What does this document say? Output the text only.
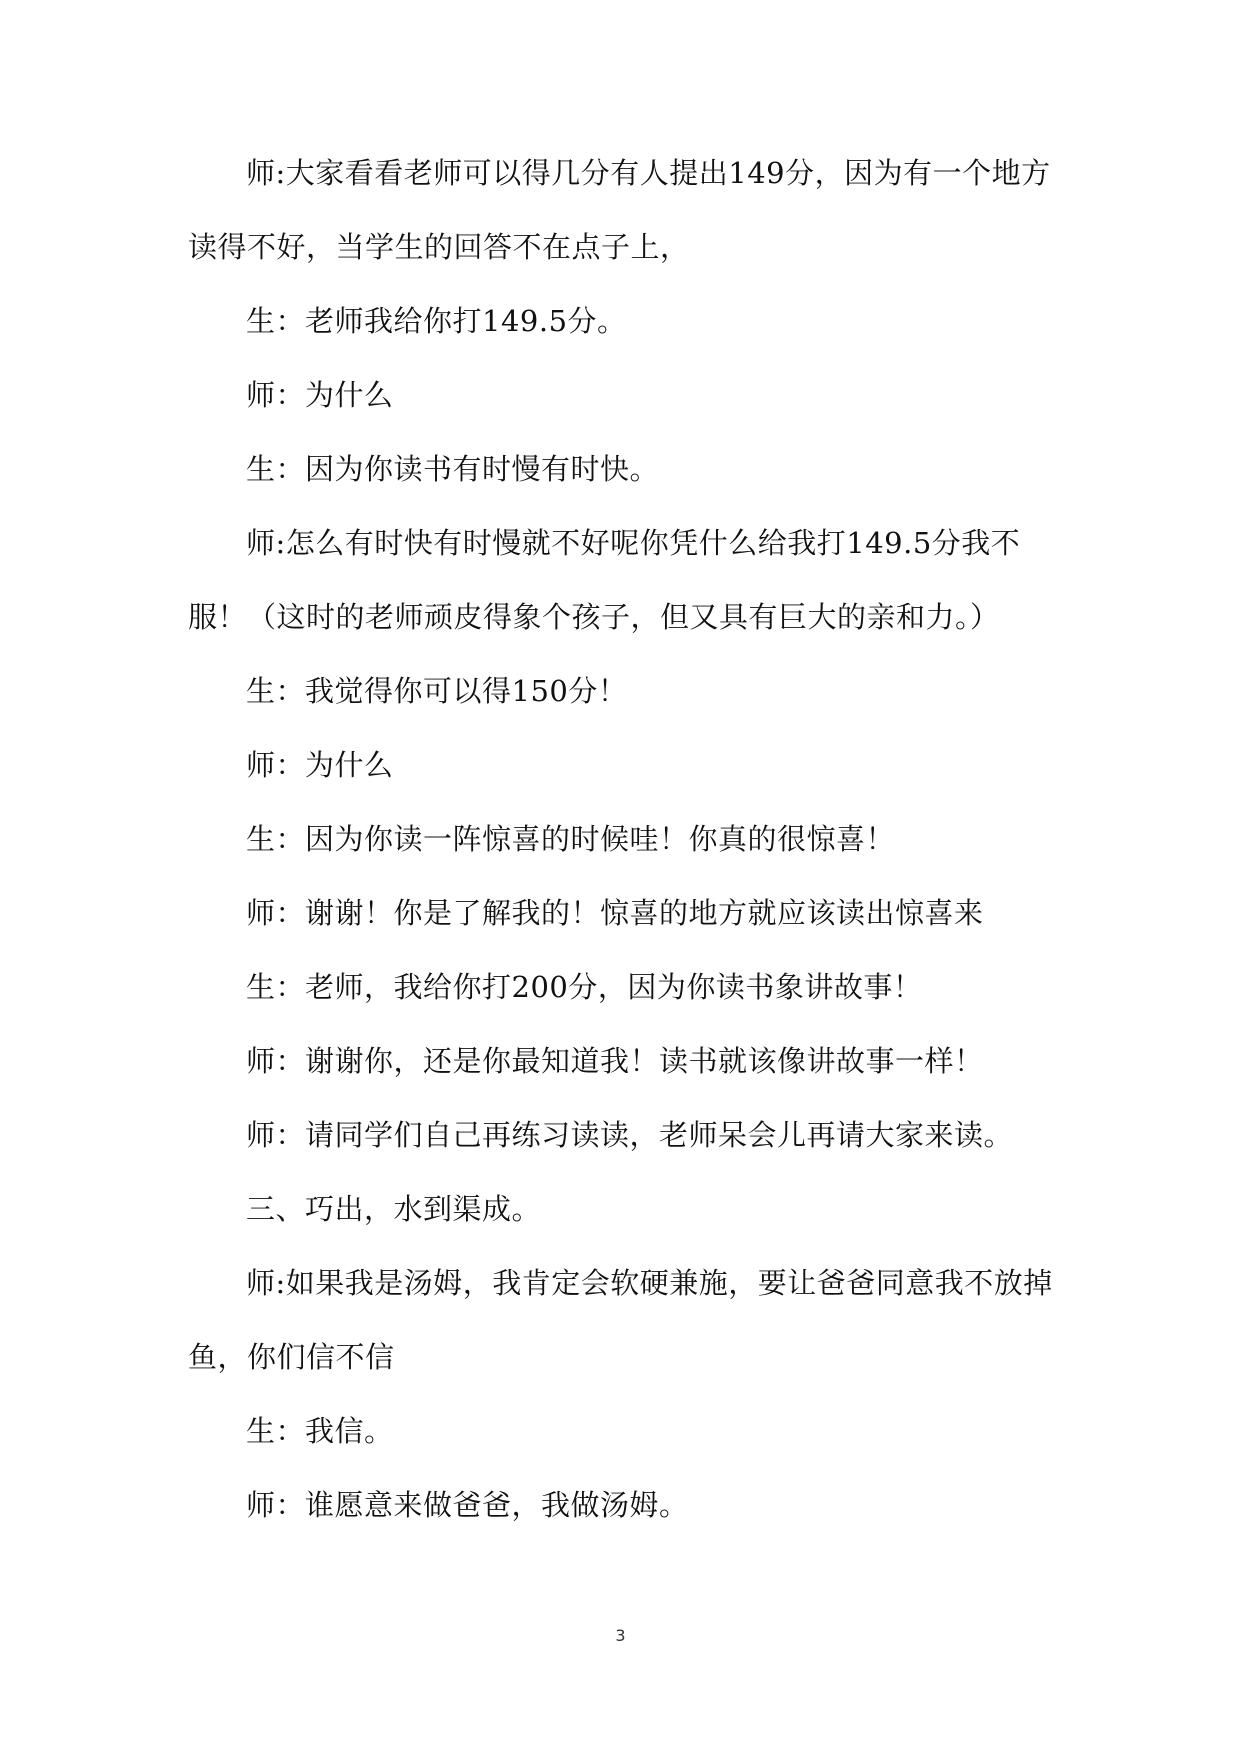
师:大家看看老师可以得几分有人提出149分，因为有一个地方读得不好，当学生的回答不在点子上，

生：老师我给你打149.5分。

师：为什么

生：因为你读书有时慢有时快。

师:怎么有时快有时慢就不好呢你凭什么给我打149.5分我不服！（这时的老师顽皮得象个孩子，但又具有巨大的亲和力。）

生：我觉得你可以得150分！

师：为什么

生：因为你读一阵惊喜的时候哇！你真的很惊喜！

师：谢谢！你是了解我的！惊喜的地方就应该读出惊喜来

生：老师，我给你打200分，因为你读书象讲故事！

师：谢谢你，还是你最知道我！读书就该像讲故事一样！

师：请同学们自己再练习读读，老师呆会儿再请大家来读。

三、巧出，水到渠成。

师:如果我是汤姆，我肯定会软硬兼施，要让爸爸同意我不放掉鱼，你们信不信

生：我信。

师：谁愿意来做爸爸，我做汤姆。

3
